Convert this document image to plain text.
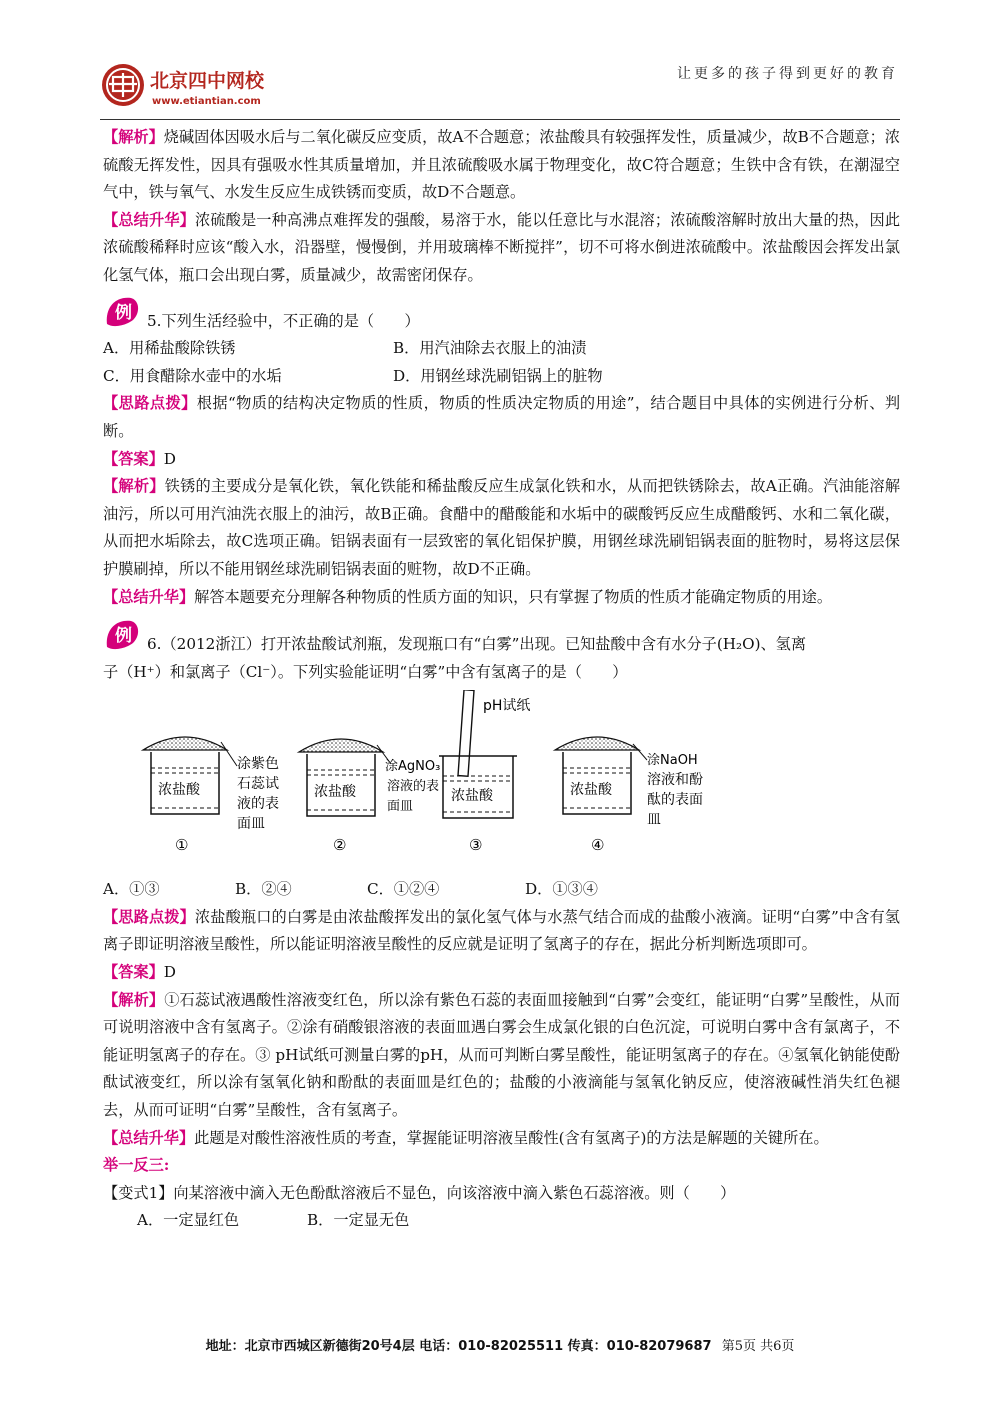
北京四中网校
www.etiantian.com
让更多的孩子得到更好的教育

【解析】烧碱固体因吸水后与二氧化碳反应变质，故A不合题意；浓盐酸具有较强挥发性，质量减少，故B不合题意；浓硫酸无挥发性，因具有强吸水性其质量增加，并且浓硫酸吸水属于物理变化，故C符合题意；生铁中含有铁，在潮湿空气中，铁与氧气、水发生反应生成铁锈而变质，故D不合题意。

【总结升华】浓硫酸是一种高沸点难挥发的强酸，易溶于水，能以任意比与水混溶；浓硫酸溶解时放出大量的热，因此浓硫酸稀释时应该“酸入水，沿器壁，慢慢倒，并用玻璃棒不断搅拌”，切不可将水倒进浓硫酸中。浓盐酸因会挥发出氯化氢气体，瓶口会出现白雾，质量减少，故需密闭保存。

例 5.下列生活经验中，不正确的是（　　）
A．用稀盐酸除铁锈	B．用汽油除去衣服上的油渍
C．用食醋除水壶中的水垢	D．用钢丝球洗刷铝锅上的脏物

【思路点拨】根据“物质的结构决定物质的性质，物质的性质决定物质的用途”，结合题目中具体的实例进行分析、判断。

【答案】D

【解析】铁锈的主要成分是氧化铁，氧化铁能和稀盐酸反应生成氯化铁和水，从而把铁锈除去，故A正确。汽油能溶解油污，所以可用汽油洗衣服上的油污，故B正确。食醋中的醋酸能和水垢中的碳酸钙反应生成醋酸钙、水和二氧化碳，从而把水垢除去，故C选项正确。铝锅表面有一层致密的氧化铝保护膜，用钢丝球洗刷铝锅表面的脏物时，易将这层保护膜刷掉，所以不能用钢丝球洗刷铝锅表面的赃物，故D不正确。

【总结升华】解答本题要充分理解各种物质的性质方面的知识，只有掌握了物质的性质才能确定物质的用途。

例 6.（2012浙江）打开浓盐酸试剂瓶，发现瓶口有“白雾”出现。已知盐酸中含有水分子(H₂O)、氢离

子（H⁺）和氯离子（Cl⁻）。下列实验能证明“白雾”中含有氢离子的是（　　）

浓盐酸
涂紫色
石蕊试
液的表
面皿
①
浓盐酸
涂AgNO₃
溶液的表
面皿
②
pH试纸
浓盐酸
③
浓盐酸
涂NaOH
溶液和酚
酞的表面
皿
④
A．①③	B．②④	C．①②④	D．①③④

【思路点拨】浓盐酸瓶口的白雾是由浓盐酸挥发出的氯化氢气体与水蒸气结合而成的盐酸小液滴。证明“白雾”中含有氢离子即证明溶液呈酸性，所以能证明溶液呈酸性的反应就是证明了氢离子的存在，据此分析判断选项即可。

【答案】D

【解析】①石蕊试液遇酸性溶液变红色，所以涂有紫色石蕊的表面皿接触到“白雾”会变红，能证明“白雾”呈酸性，从而可说明溶液中含有氢离子。②涂有硝酸银溶液的表面皿遇白雾会生成氯化银的白色沉淀，可说明白雾中含有氯离子，不能证明氢离子的存在。③ pH试纸可测量白雾的pH，从而可判断白雾呈酸性，能证明氢离子的存在。④氢氧化钠能使酚酞试液变红，所以涂有氢氧化钠和酚酞的表面皿是红色的；盐酸的小液滴能与氢氧化钠反应，使溶液碱性消失红色褪去，从而可证明“白雾”呈酸性，含有氢离子。

【总结升华】此题是对酸性溶液性质的考查，掌握能证明溶液呈酸性(含有氢离子)的方法是解题的关键所在。

举一反三:

【变式1】向某溶液中滴入无色酚酞溶液后不显色，向该溶液中滴入紫色石蕊溶液。则（　　）

A．一定显红色	B．一定显无色
地址：北京市西城区新德街20号4层 电话：010-82025511 传真：010-82079687 第5页 共6页
